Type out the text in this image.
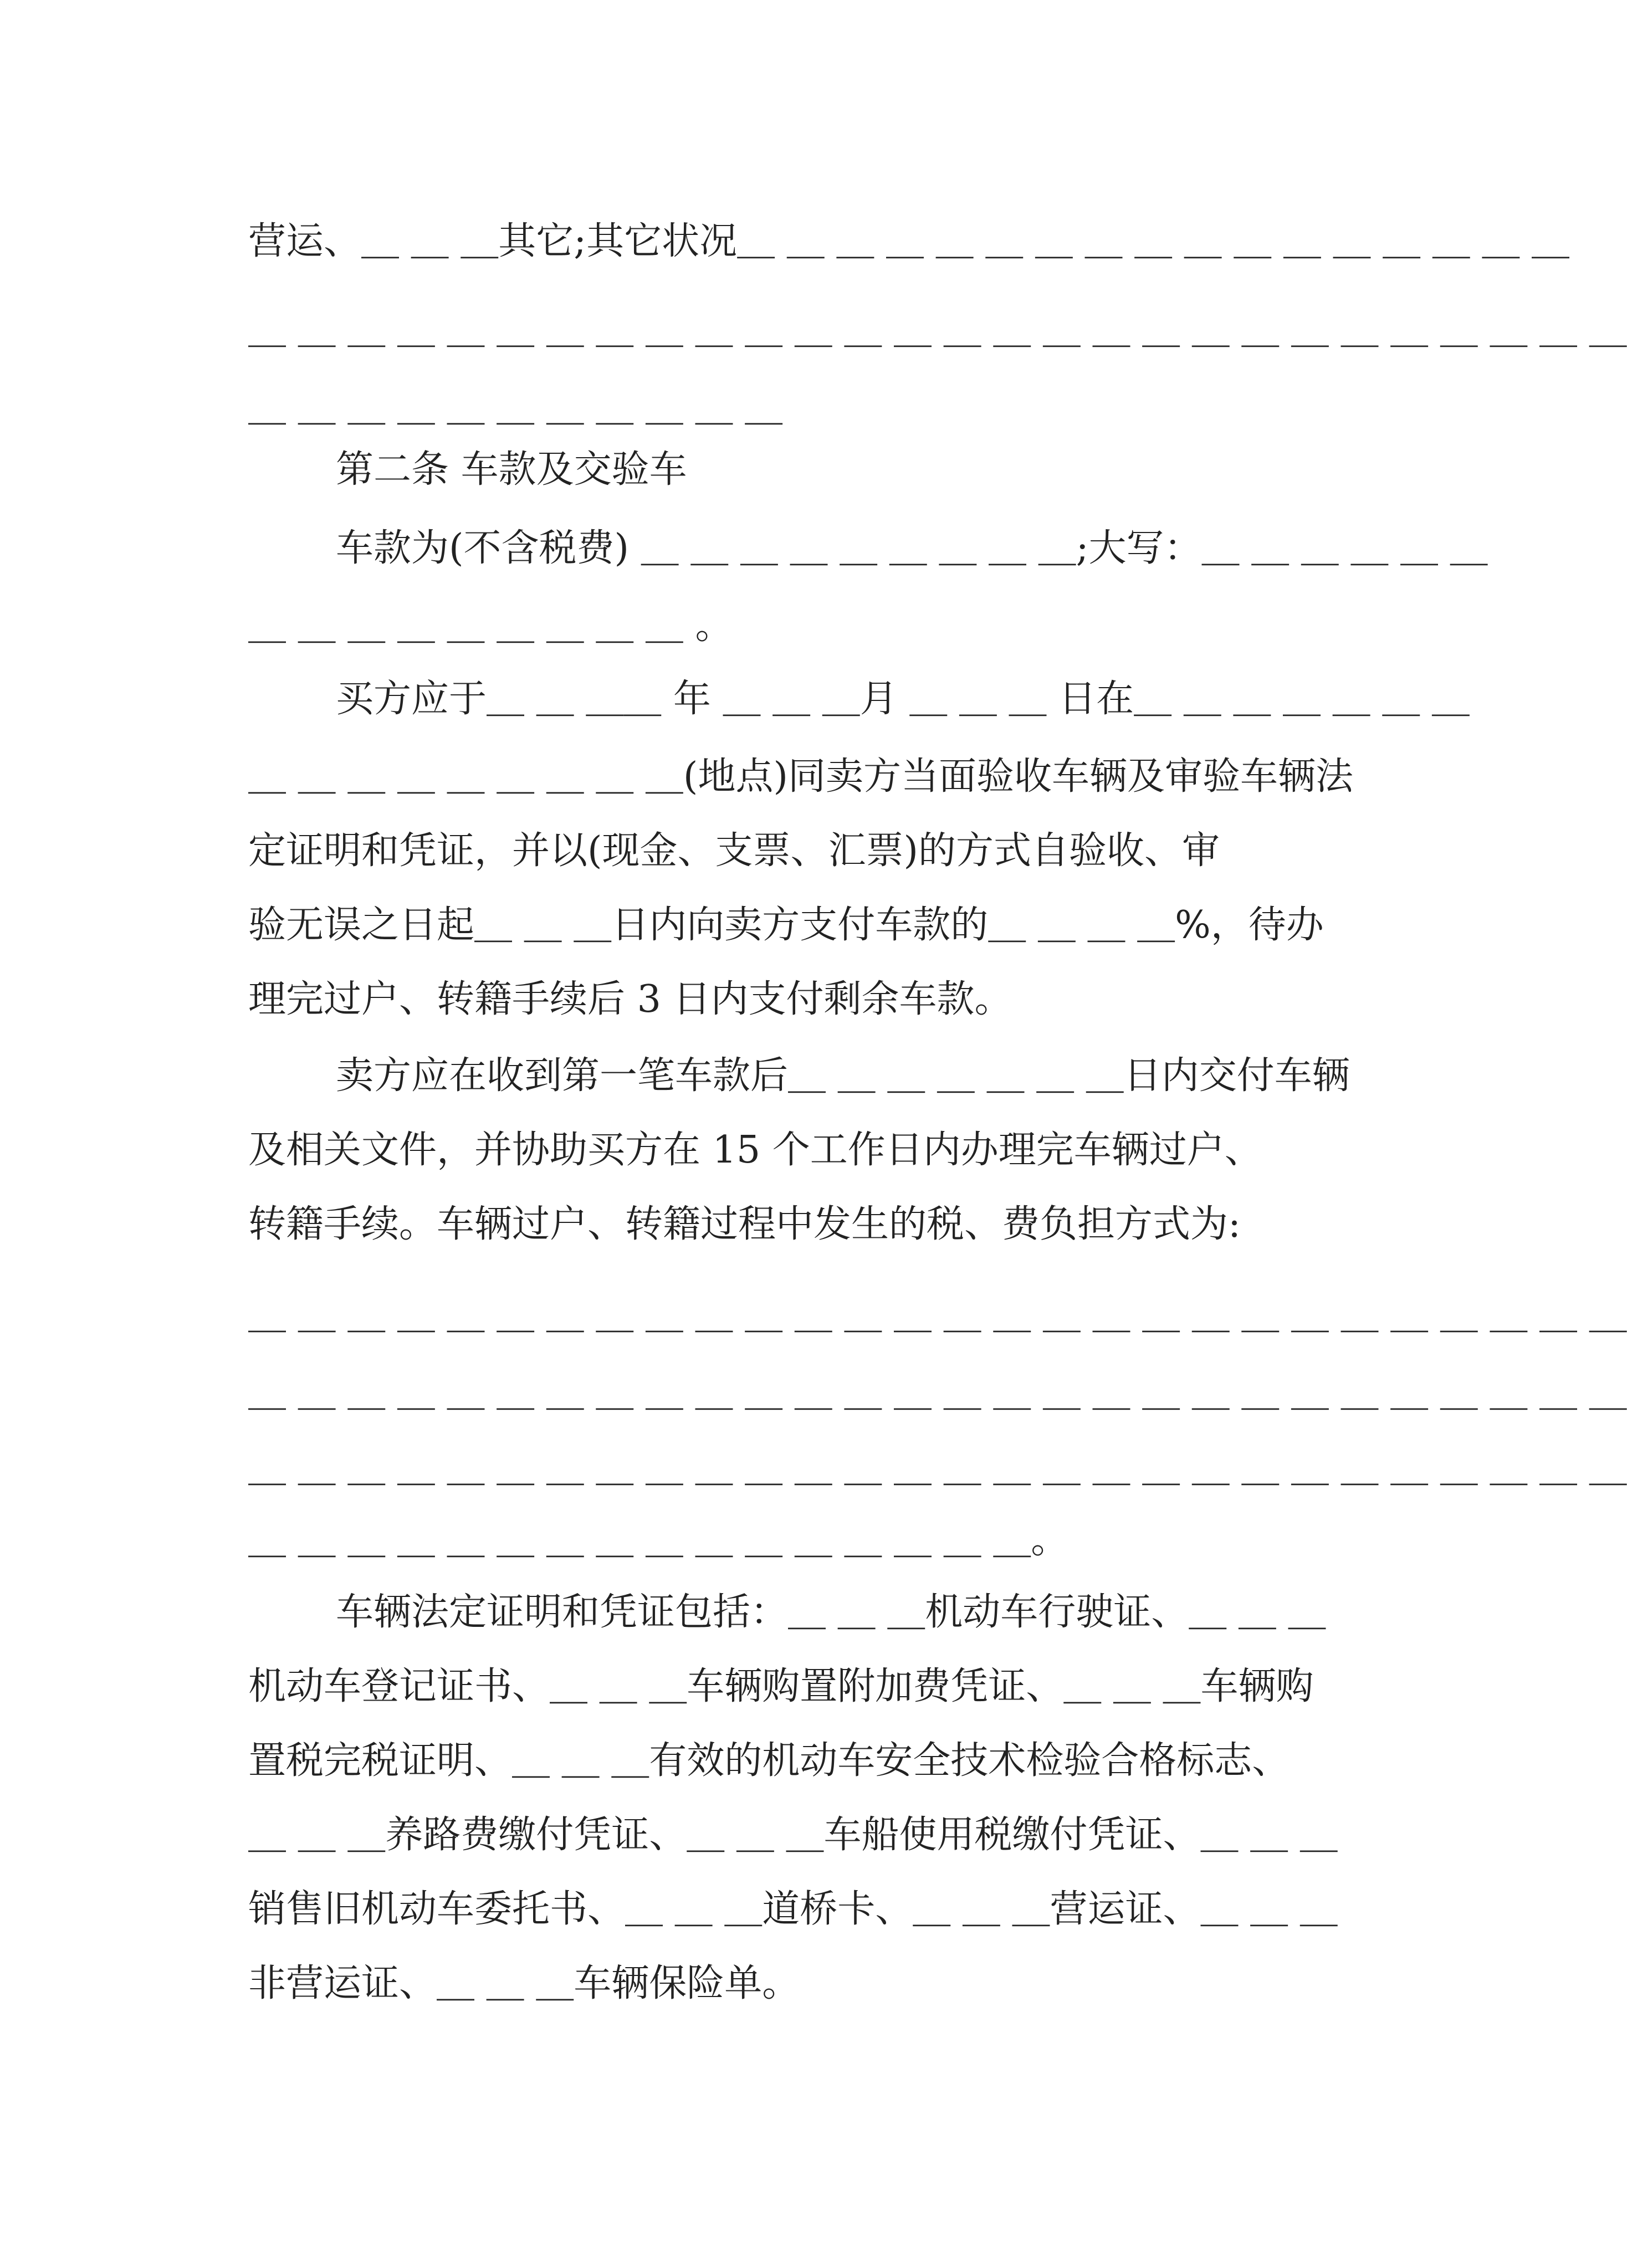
营运、＿ ＿ ＿其它;其它状况＿ ＿ ＿ ＿ ＿ ＿ ＿ ＿ ＿ ＿ ＿ ＿ ＿ ＿ ＿ ＿ ＿
＿ ＿ ＿ ＿ ＿ ＿ ＿ ＿ ＿ ＿ ＿ ＿ ＿ ＿ ＿ ＿ ＿ ＿ ＿ ＿ ＿ ＿ ＿ ＿ ＿ ＿ ＿ ＿
＿ ＿ ＿ ＿ ＿ ＿ ＿ ＿ ＿ ＿ ＿
第二条 车款及交验车
车款为(不含税费) ＿ ＿ ＿ ＿ ＿ ＿ ＿ ＿ ＿;大写：＿ ＿ ＿ ＿ ＿ ＿
＿ ＿ ＿ ＿ ＿ ＿ ＿ ＿ ＿ 。
买方应于＿ ＿ ＿＿ 年 ＿ ＿ ＿月 ＿ ＿ ＿ 日在＿ ＿ ＿ ＿ ＿ ＿ ＿
＿ ＿ ＿ ＿ ＿ ＿ ＿ ＿ ＿(地点)同卖方当面验收车辆及审验车辆法
定证明和凭证，并以(现金、支票、汇票)的方式自验收、审
验无误之日起＿ ＿ ＿日内向卖方支付车款的＿ ＿ ＿ ＿%，待办
理完过户、转籍手续后 3 日内支付剩余车款。
卖方应在收到第一笔车款后＿ ＿ ＿ ＿ ＿ ＿ ＿日内交付车辆
及相关文件，并协助买方在 15 个工作日内办理完车辆过户、
转籍手续。车辆过户、转籍过程中发生的税、费负担方式为:
＿ ＿ ＿ ＿ ＿ ＿ ＿ ＿ ＿ ＿ ＿ ＿ ＿ ＿ ＿ ＿ ＿ ＿ ＿ ＿ ＿ ＿ ＿ ＿ ＿ ＿ ＿ ＿
＿ ＿ ＿ ＿ ＿ ＿ ＿ ＿ ＿ ＿ ＿ ＿ ＿ ＿ ＿ ＿ ＿ ＿ ＿ ＿ ＿ ＿ ＿ ＿ ＿ ＿ ＿ ＿
＿ ＿ ＿ ＿ ＿ ＿ ＿ ＿ ＿ ＿ ＿ ＿ ＿ ＿ ＿ ＿ ＿ ＿ ＿ ＿ ＿ ＿ ＿ ＿ ＿ ＿ ＿ ＿
＿ ＿ ＿ ＿ ＿ ＿ ＿ ＿ ＿ ＿ ＿ ＿ ＿ ＿ ＿ ＿。
车辆法定证明和凭证包括：＿ ＿ ＿机动车行驶证、＿ ＿ ＿
机动车登记证书、＿ ＿ ＿车辆购置附加费凭证、＿ ＿ ＿车辆购
置税完税证明、＿ ＿ ＿有效的机动车安全技术检验合格标志、
＿ ＿ ＿养路费缴付凭证、＿ ＿ ＿车船使用税缴付凭证、＿ ＿ ＿
销售旧机动车委托书、＿ ＿ ＿道桥卡、＿ ＿ ＿营运证、＿ ＿ ＿
非营运证、＿ ＿ ＿车辆保险单。
